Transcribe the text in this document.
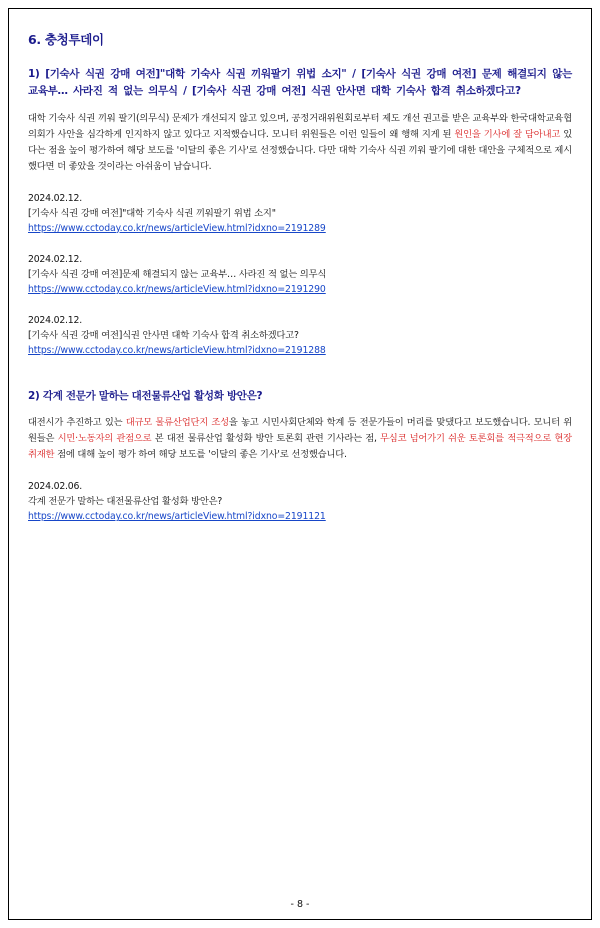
6. 충청투데이

1) [기숙사 식권 강매 여전]"대학 기숙사 식권 끼워팔기 위법 소지" / [기숙사 식권 강매 여전] 문제 해결되지 않는 교육부… 사라진 적 없는 의무식 / [기숙사 식권 강매 여전] 식권 안사면 대학 기숙사 합격 취소하겠다고?

대학 기숙사 식권 끼워 팔기(의무식) 문제가 개선되지 않고 있으며, 공정거래위원회로부터 제도 개선 권고를 받은 교육부와 한국대학교육협의회가 사안을 심각하게 인지하지 않고 있다고 지적했습니다. 모니터 위원들은 이런 일들이 왜 행해 지게 된 원인을 기사에 잘 담아내고 있다는 점을 높이 평가하여 해당 보도를 '이달의 좋은 기사'로 선정했습니다. 다만 대학 기숙사 식권 끼워 팔기에 대한 대안을 구체적으로 제시했다면 더 좋았을 것이라는 아쉬움이 남습니다.

2024.02.12.
[기숙사 식권 강매 여전]"대학 기숙사 식권 끼워팔기 위법 소지"
https://www.cctoday.co.kr/news/articleView.html?idxno=2191289
2024.02.12.
[기숙사 식권 강매 여전]문제 해결되지 않는 교육부… 사라진 적 없는 의무식
https://www.cctoday.co.kr/news/articleView.html?idxno=2191290
2024.02.12.
[기숙사 식권 강매 여전]식권 안사면 대학 기숙사 합격 취소하겠다고?
https://www.cctoday.co.kr/news/articleView.html?idxno=2191288

2) 각계 전문가 말하는 대전물류산업 활성화 방안은?

대전시가 추진하고 있는 대규모 물류산업단지 조성을 놓고 시민사회단체와 학계 등 전문가들이 머리를 맞댔다고 보도했습니다. 모니터 위원들은 시민·노동자의 관점으로 본 대전 물류산업 활성화 방안 토론회 관련 기사라는 점, 무심코 넘어가기 쉬운 토론회를 적극적으로 현장 취재한 점에 대해 높이 평가 하여 해당 보도를 '이달의 좋은 기사'로 선정했습니다.

2024.02.06.
각계 전문가 말하는 대전물류산업 활성화 방안은?
https://www.cctoday.co.kr/news/articleView.html?idxno=2191121
- 8 -
